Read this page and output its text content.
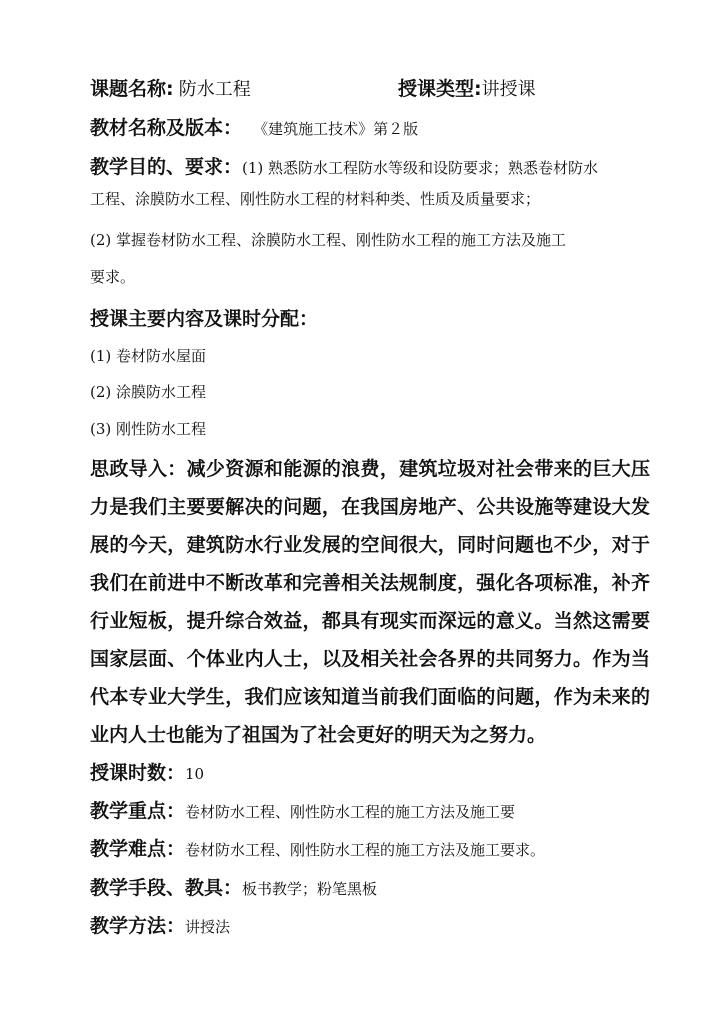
课题名称: 防水工程	授课类型:讲授课
教材名称及版本： 《建筑施工技术》第２版
教学目的、要求：(1) 熟悉防水工程防水等级和设防要求；熟悉卷材防水
工程、涂膜防水工程、刚性防水工程的材料种类、性质及质量要求；
(2) 掌握卷材防水工程、涂膜防水工程、刚性防水工程的施工方法及施工
要求。
授课主要内容及课时分配：
(1) 卷材防水屋面
(2) 涂膜防水工程
(3) 刚性防水工程
思政导入：减少资源和能源的浪费，建筑垃圾对社会带来的巨大压力是我们主要要解决的问题，在我国房地产、公共设施等建设大发展的今天，建筑防水行业发展的空间很大，同时问题也不少，对于我们在前进中不断改革和完善相关法规制度，强化各项标准，补齐行业短板，提升综合效益，都具有现实而深远的意义。当然这需要国家层面、个体业内人士，以及相关社会各界的共同努力。作为当代本专业大学生，我们应该知道当前我们面临的问题，作为未来的业内人士也能为了祖国为了社会更好的明天为之努力。
授课时数：10
教学重点：卷材防水工程、刚性防水工程的施工方法及施工要
教学难点：卷材防水工程、刚性防水工程的施工方法及施工要求。
教学手段、教具：板书教学；粉笔黑板
教学方法：讲授法
